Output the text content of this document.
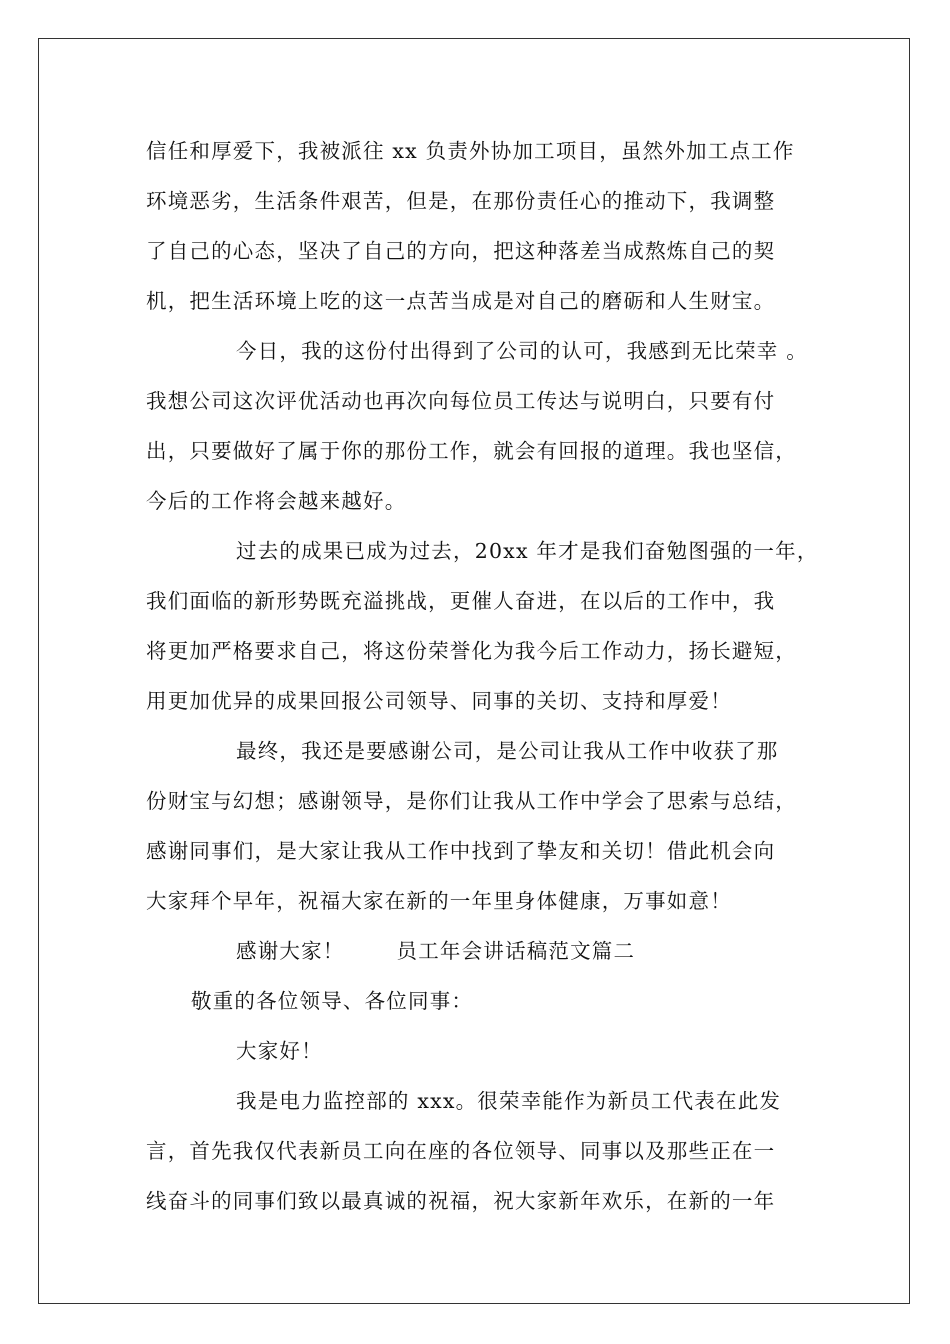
信任和厚爱下，我被派往 xx 负责外协加工项目，虽然外加工点工作
环境恶劣，生活条件艰苦，但是，在那份责任心的推动下，我调整
了自己的心态，坚决了自己的方向，把这种落差当成熬炼自己的契
机，把生活环境上吃的这一点苦当成是对自己的磨砺和人生财宝。
今日，我的这份付出得到了公司的认可，我感到无比荣幸 。
我想公司这次评优活动也再次向每位员工传达与说明白，只要有付
出，只要做好了属于你的那份工作，就会有回报的道理。我也坚信，
今后的工作将会越来越好。
过去的成果已成为过去，20xx 年才是我们奋勉图强的一年，
我们面临的新形势既充溢挑战，更催人奋进，在以后的工作中，我
将更加严格要求自己，将这份荣誉化为我今后工作动力，扬长避短，
用更加优异的成果回报公司领导、同事的关切、支持和厚爱！
最终，我还是要感谢公司，是公司让我从工作中收获了那
份财宝与幻想；感谢领导，是你们让我从工作中学会了思索与总结，
感谢同事们，是大家让我从工作中找到了挚友和关切！借此机会向
大家拜个早年，祝福大家在新的一年里身体健康，万事如意！
感谢大家！	员工年会讲话稿范文篇二
敬重的各位领导、各位同事：
大家好！
我是电力监控部的 xxx。很荣幸能作为新员工代表在此发
言，首先我仅代表新员工向在座的各位领导、同事以及那些正在一
线奋斗的同事们致以最真诚的祝福，祝大家新年欢乐，在新的一年
